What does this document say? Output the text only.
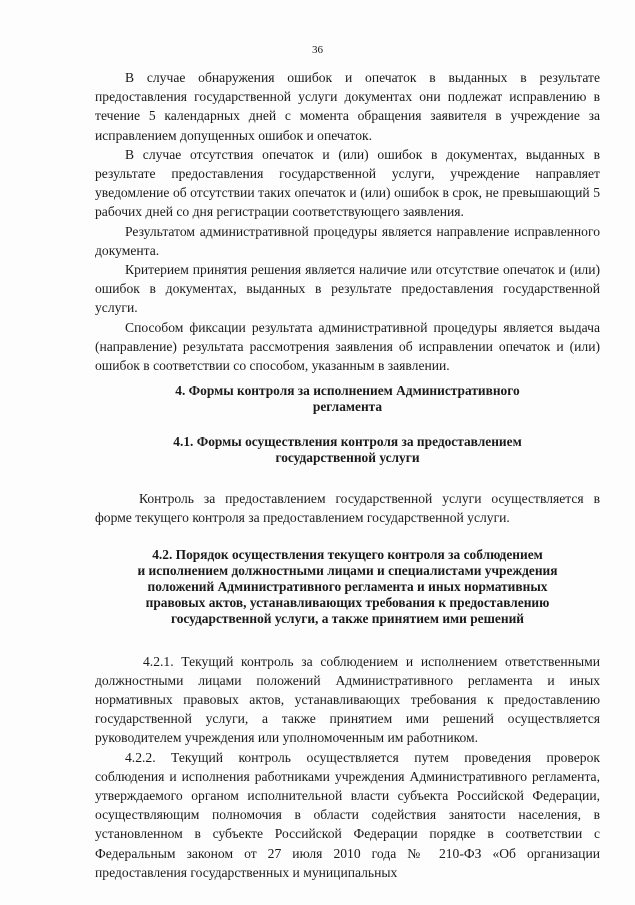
36

В случае обнаружения ошибок и опечаток в выданных в результате предоставления государственной услуги документах они подлежат исправлению в течение 5 календарных дней с момента обращения заявителя в учреждение за исправлением допущенных ошибок и опечаток.

В случае отсутствия опечаток и (или) ошибок в документах, выданных в результате предоставления государственной услуги, учреждение направляет уведомление об отсутствии таких опечаток и (или) ошибок в срок, не превышающий 5 рабочих дней со дня регистрации соответствующего заявления.

Результатом административной процедуры является направление исправленного документа.

Критерием принятия решения является наличие или отсутствие опечаток и (или) ошибок в документах, выданных в результате предоставления государственной услуги.

Способом фиксации результата административной процедуры является выдача (направление) результата рассмотрения заявления об исправлении опечаток и (или) ошибок в соответствии со способом, указанным в заявлении.

4. Формы контроля за исполнением Административного
регламента
4.1. Формы осуществления контроля за предоставлением
государственной услуги

Контроль за предоставлением государственной услуги осуществляется в форме текущего контроля за предоставлением государственной услуги.

4.2. Порядок осуществления текущего контроля за соблюдением
и исполнением должностными лицами и специалистами учреждения
положений Административного регламента и иных нормативных
правовых актов, устанавливающих требования к предоставлению
государственной услуги, а также принятием ими решений

4.2.1. Текущий контроль за соблюдением и исполнением ответственными должностными лицами положений Административного регламента и иных нормативных правовых актов, устанавливающих требования к предоставлению государственной услуги, а также принятием ими решений осуществляется руководителем учреждения или уполномоченным им работником.

4.2.2. Текущий контроль осуществляется путем проведения проверок соблюдения и исполнения работниками учреждения Административного регламента, утверждаемого органом исполнительной власти субъекта Российской Федерации, осуществляющим полномочия в области содействия занятости населения, в установленном в субъекте Российской Федерации порядке в соответствии с Федеральным законом от 27 июля 2010 года № 210-ФЗ «Об организации предоставления государственных и муниципальных
